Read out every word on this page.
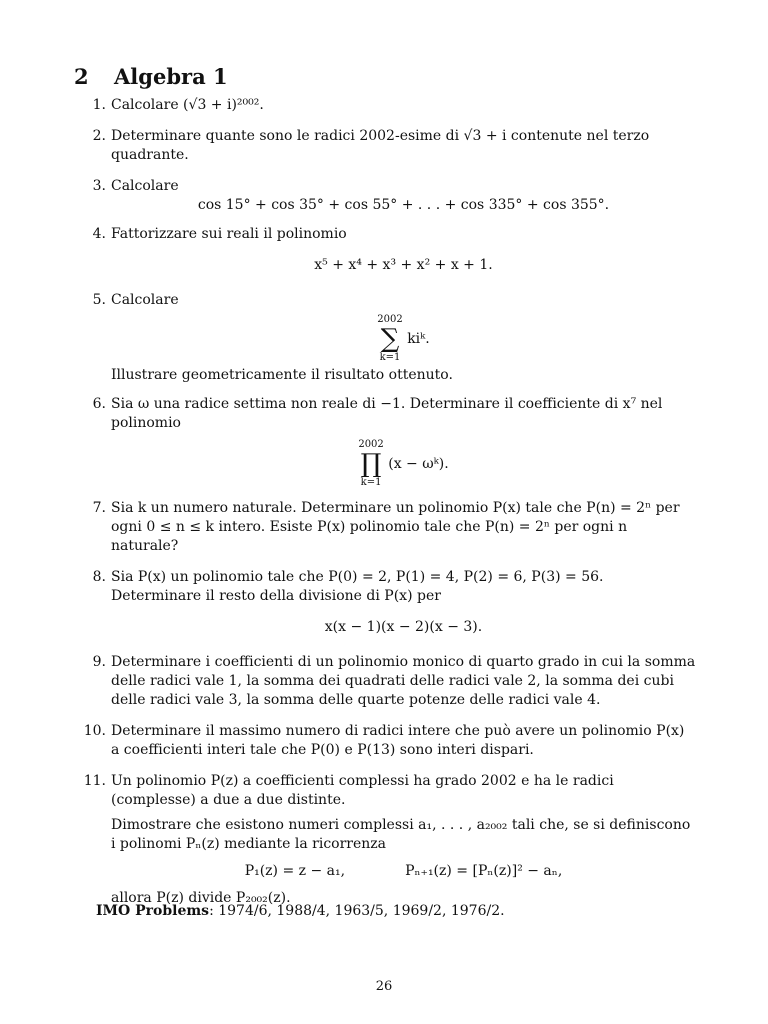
2 Algebra 1
1. Calcolare (√3 + i)²⁰⁰².
2. Determinare quante sono le radici 2002-esime di √3 + i contenute nel terzo quadrante.
3. Calcolare
cos 15° + cos 35° + cos 55° + . . . + cos 335° + cos 355°.
4. Fattorizzare sui reali il polinomio
x⁵ + x⁴ + x³ + x² + x + 1.
5. Calcolare
2002
∑
k=1
kiᵏ.
Illustrare geometricamente il risultato ottenuto.
6. Sia ω una radice settima non reale di −1. Determinare il coefficiente di x⁷ nel polinomio
2002
∏
k=1
(x − ωᵏ).
7. Sia k un numero naturale. Determinare un polinomio P(x) tale che P(n) = 2ⁿ per ogni 0 ≤ n ≤ k intero. Esiste P(x) polinomio tale che P(n) = 2ⁿ per ogni n naturale?
8. Sia P(x) un polinomio tale che P(0) = 2, P(1) = 4, P(2) = 6, P(3) = 56. Determinare il resto della divisione di P(x) per
x(x − 1)(x − 2)(x − 3).
9. Determinare i coefficienti di un polinomio monico di quarto grado in cui la somma delle radici vale 1, la somma dei quadrati delle radici vale 2, la somma dei cubi delle radici vale 3, la somma delle quarte potenze delle radici vale 4.
10. Determinare il massimo numero di radici intere che può avere un polinomio P(x) a coefficienti interi tale che P(0) e P(13) sono interi dispari.
11. Un polinomio P(z) a coefficienti complessi ha grado 2002 e ha le radici (complesse) a due a due distinte.
Dimostrare che esistono numeri complessi a₁, . . . , a₂₀₀₂ tali che, se si definiscono i polinomi Pₙ(z) mediante la ricorrenza
P₁(z) = z − a₁,	Pₙ₊₁(z) = [Pₙ(z)]² − aₙ,
allora P(z) divide P₂₀₀₂(z).
IMO Problems: 1974/6, 1988/4, 1963/5, 1969/2, 1976/2.
26
